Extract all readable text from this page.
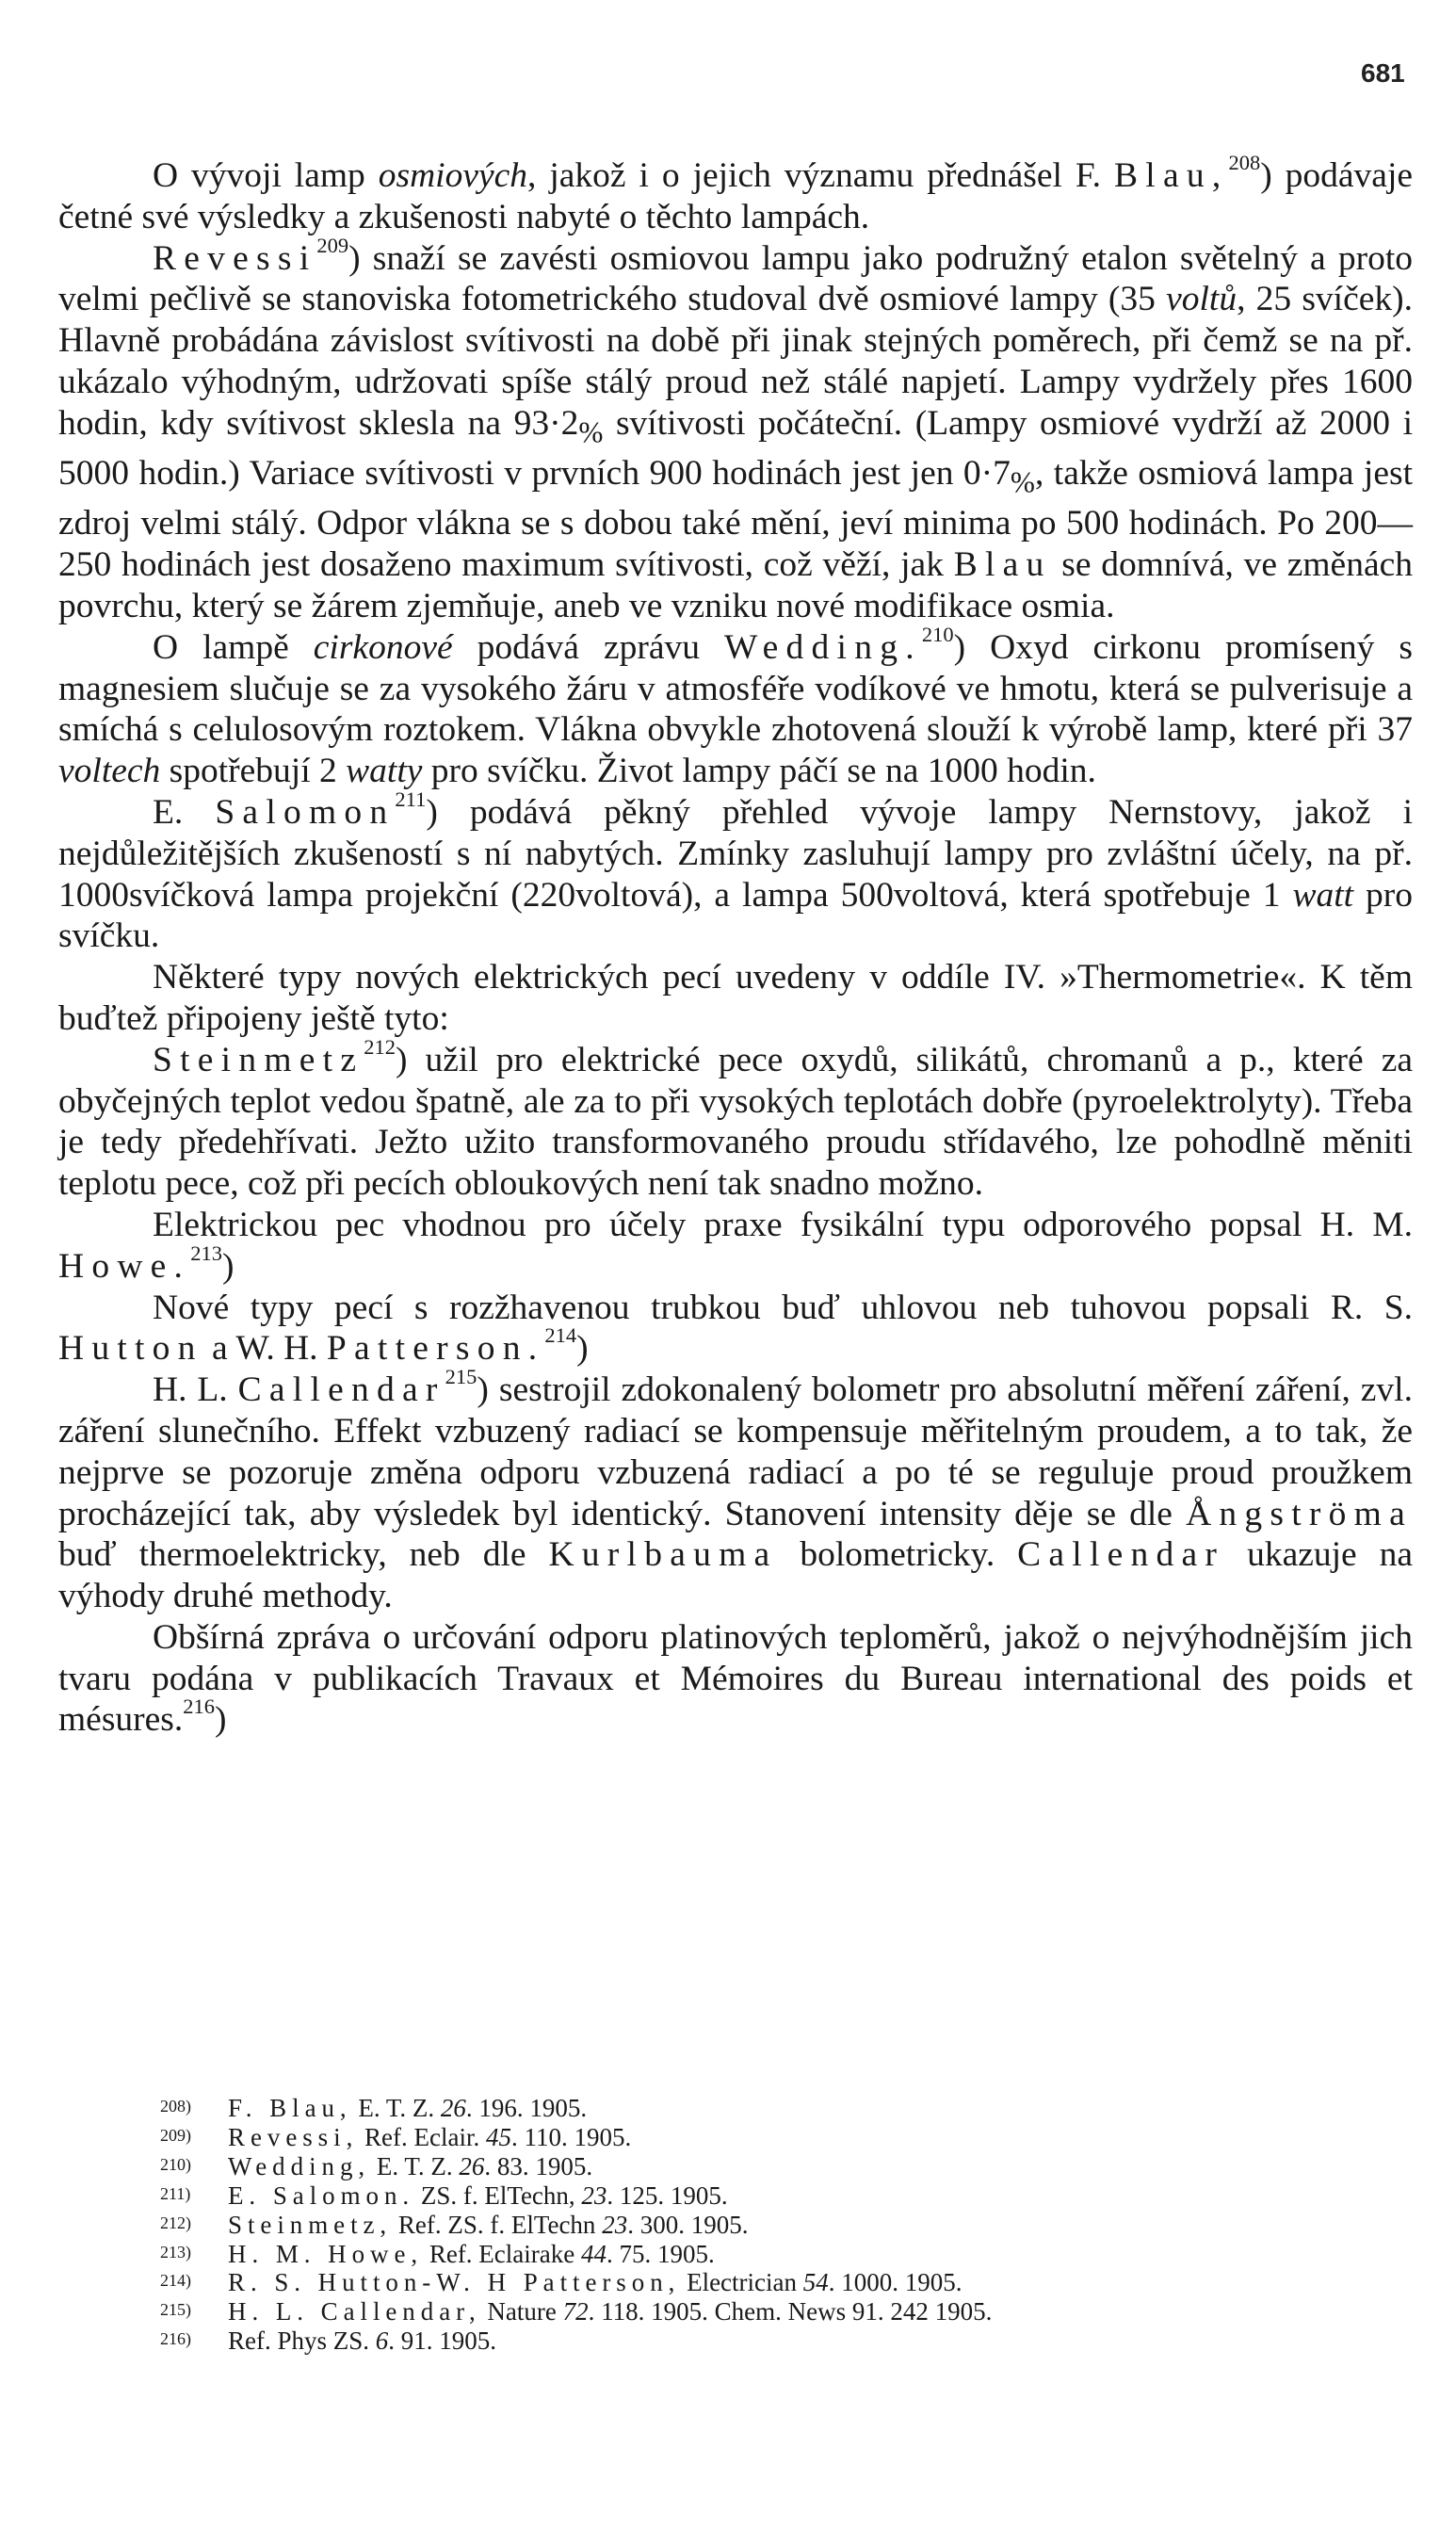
681

O vývoji lamp osmiových, jakož i o jejich významu přednášel F. Blau,$^{208}$) podávaje četné své výsledky a zkušenosti nabyté o těchto lampách.

Revessi$^{209}$) snaží se zavésti osmiovou lampu jako podružný etalon světelný a proto velmi pečlivě se stanoviska fotometrického studoval dvě osmiové lampy (35 voltů, 25 svíček). Hlavně probádána závislost svítivosti na době při jinak stejných poměrech, při čemž se na př. ukázalo výhodným, udržovati spíše stálý proud než stálé napjetí. Lampy vydržely přes 1600 hodin, kdy svítivost sklesla na $93\cdot 2_{\%}$ svítivosti počáteční. (Lampy osmiové vydrží až 2000 i 5000 hodin.) Variace svítivosti v prvních 900 hodinách jest jen $0\cdot 7_{\%}$, takže osmiová lampa jest zdroj velmi stálý. Odpor vlákna se s dobou také mění, jeví minima po 500 hodinách. Po 200—250 hodinách jest dosaženo maximum svítivosti, což věží, jak Blau se domnívá, ve změnách povrchu, který se žárem zjemňuje, aneb ve vzniku nové modifikace osmia.

O lampě cirkonové podává zprávu Wedding.$^{210}$) Oxyd cirkonu promísený s magnesiem slučuje se za vysokého žáru v atmosféře vodíkové ve hmotu, která se pulverisuje a smíchá s celulosovým roztokem. Vlákna obvykle zhotovená slouží k výrobě lamp, které při 37 voltech spotřebují 2 watty pro svíčku. Život lampy páčí se na 1000 hodin.

E. Salomon$^{211}$) podává pěkný přehled vývoje lampy Nernstovy, jakož i nejdůležitějších zkušeností s ní nabytých. Zmínky zasluhují lampy pro zvláštní účely, na př. 1000svíčková lampa projekční (220voltová), a lampa 500voltová, která spotřebuje 1 watt pro svíčku.

Některé typy nových elektrických pecí uvedeny v oddíle IV. »Thermometrie«. K těm buďtež připojeny ještě tyto:

Steinmetz$^{212}$) užil pro elektrické pece oxydů, silikátů, chromanů a p., které za obyčejných teplot vedou špatně, ale za to při vysokých teplotách dobře (pyroelektrolyty). Třeba je tedy předehřívati. Ježto užito transformovaného proudu střídavého, lze pohodlně měniti teplotu pece, což při pecích obloukových není tak snadno možno.

Elektrickou pec vhodnou pro účely praxe fysikální typu odporového popsal H. M. Howe.$^{213}$)

Nové typy pecí s rozžhavenou trubkou buď uhlovou neb tuhovou popsali R. S. Hutton a W. H. Patterson.$^{214}$)

H. L. Callendar$^{215}$) sestrojil zdokonalený bolometr pro absolutní měření záření, zvl. záření slunečního. Effekt vzbuzený radiací se kompensuje měřitelným proudem, a to tak, že nejprve se pozoruje změna odporu vzbuzená radiací a po té se reguluje proud proužkem procházející tak, aby výsledek byl identický. Stanovení intensity děje se dle Ångströma buď thermoelektricky, neb dle Kurlbauma bolometricky. Callendar ukazuje na výhody druhé methody.

Obšírná zpráva o určování odporu platinových teploměrů, jakož o nejvýhodnějším jich tvaru podána v publikacích Travaux et Mémoires du Bureau international des poids et mésures.$^{216}$)

208) F. Blau, E. T. Z. 26. 196. 1905.
209) Revessi, Ref. Eclair. 45. 110. 1905.
210) Wedding, E. T. Z. 26. 83. 1905.
211) E. Salomon. ZS. f. ElTechn, 23. 125. 1905.
212) Steinmetz, Ref. ZS. f. ElTechn 23. 300. 1905.
213) H. M. Howe, Ref. Eclairake 44. 75. 1905.
214) R. S. Hutton-W. H Patterson, Electrician 54. 1000. 1905.
215) H. L. Callendar, Nature 72. 118. 1905. Chem. News 91. 242 1905.
216) Ref. Phys ZS. 6. 91. 1905.
